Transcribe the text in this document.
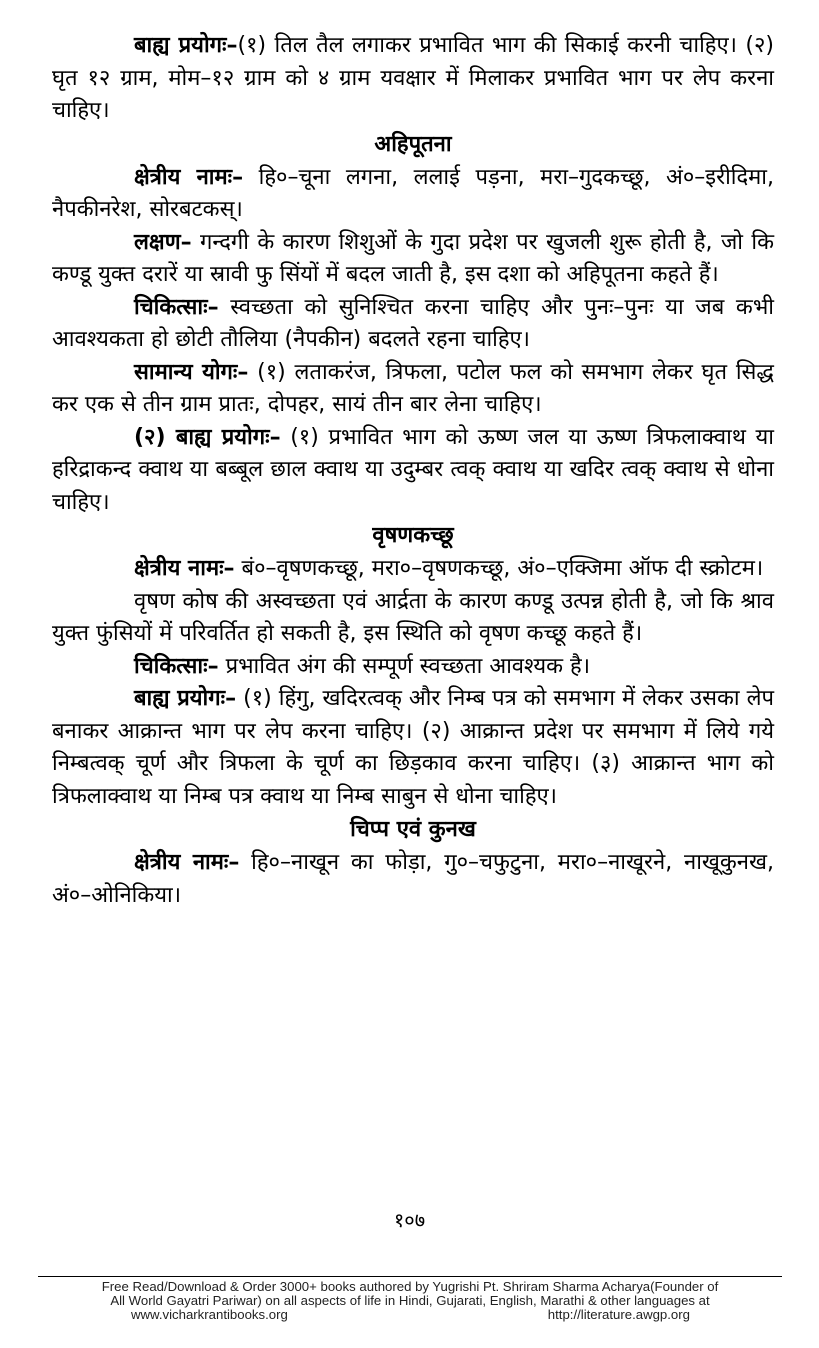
बाह्य प्रयोगः–(१) तिल तैल लगाकर प्रभावित भाग की सिकाई करनी चाहिए। (२) घृत १२ ग्राम, मोम–१२ ग्राम को ४ ग्राम यवक्षार में मिलाकर प्रभावित भाग पर लेप करना चाहिए।

अहिपूतना

क्षेत्रीय नामः– हि०–चूना लगना, ललाई पड़ना, मरा–गुदकच्छू, अं०–इरीदिमा, नैपकीनरेश, सोरबटकस्।

लक्षण– गन्दगी के कारण शिशुओं के गुदा प्रदेश पर खुजली शुरू होती है, जो कि कण्डू युक्त दरारें या स्रावी फु सिंयों में बदल जाती है, इस दशा को अहिपूतना कहते हैं।

चिकित्साः– स्वच्छता को सुनिश्चित करना चाहिए और पुनः–पुनः या जब कभी आवश्यकता हो छोटी तौलिया (नैपकीन) बदलते रहना चाहिए।

सामान्य योगः– (१) लताकरंज, त्रिफला, पटोल फल को समभाग लेकर घृत सिद्ध कर एक से तीन ग्राम प्रातः, दोपहर, सायं तीन बार लेना चाहिए।

(२) बाह्य प्रयोगः– (१) प्रभावित भाग को ऊष्ण जल या ऊष्ण त्रिफलाक्वाथ या हरिद्राकन्द क्वाथ या बब्बूल छाल क्वाथ या उदुम्बर त्वक् क्वाथ या खदिर त्वक् क्वाथ से धोना चाहिए।

वृषणकच्छू

क्षेत्रीय नामः– बं०–वृषणकच्छू, मरा०–वृषणकच्छू, अं०–एक्जिमा ऑफ दी स्क्रोटम।

वृषण कोष की अस्वच्छता एवं आर्द्रता के कारण कण्डू उत्पन्न होती है, जो कि श्राव युक्त फुंसियों में परिवर्तित हो सकती है, इस स्थिति को वृषण कच्छू कहते हैं।

चिकित्साः– प्रभावित अंग की सम्पूर्ण स्वच्छता आवश्यक है।

बाह्य प्रयोगः– (१) हिंगु, खदिरत्वक् और निम्ब पत्र को समभाग में लेकर उसका लेप बनाकर आक्रान्त भाग पर लेप करना चाहिए। (२) आक्रान्त प्रदेश पर समभाग में लिये गये निम्बत्वक् चूर्ण और त्रिफला के चूर्ण का छिड़काव करना चाहिए। (३) आक्रान्त भाग को त्रिफलाक्वाथ या निम्ब पत्र क्वाथ या निम्ब साबुन से धोना चाहिए।

चिप्प एवं कुनख

क्षेत्रीय नामः– हि०–नाखून का फोड़ा, गु०–चफुटुना, मरा०–नाखूरने, नाखूकुनख, अं०–ओनिकिया।

१०७
Free Read/Download & Order 3000+ books authored by Yugrishi Pt. Shriram Sharma Acharya(Founder of
All World Gayatri Pariwar) on all aspects of life in Hindi, Gujarati, English, Marathi & other languages at
www.vicharkrantibooks.org	http://literature.awgp.org
